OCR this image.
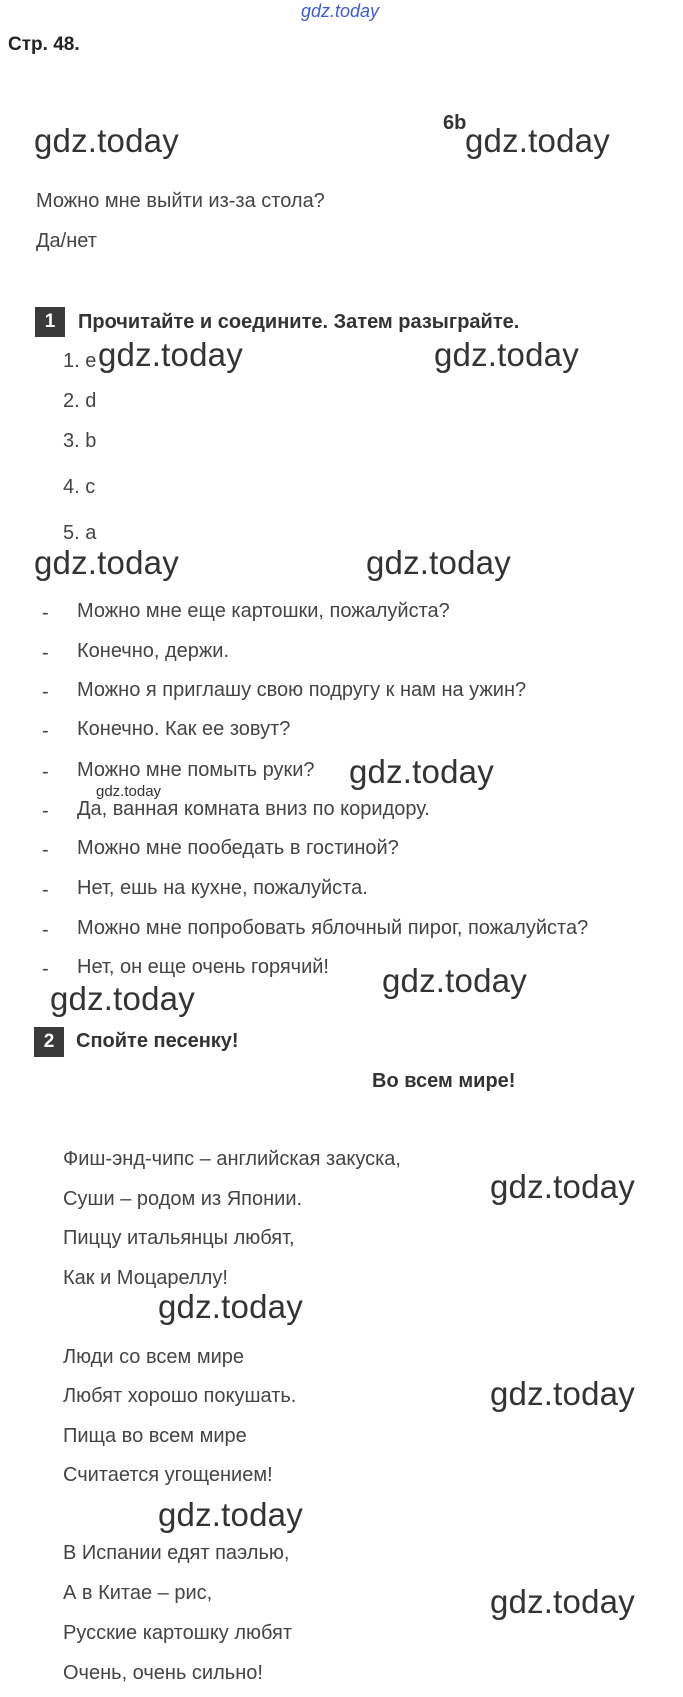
gdz.today
Стр. 48.
6b
gdz.today	gdz.today
Можно мне выйти из-за стола?
Да/нет
1	Прочитайте и соедините. Затем разыграйте.
1. e gdz.today	gdz.today
2. d
3. b
4. c
5. a
gdz.today	gdz.today
- Можно мне еще картошки, пожалуйста?
- Конечно, держи.
- Можно я приглашу свою подругу к нам на ужин?
- Конечно. Как ее зовут?
- Можно мне помыть руки? gdz.today
gdz.today
- Да, ванная комната вниз по коридору.
- Можно мне пообедать в гостиной?
- Нет, ешь на кухне, пожалуйста.
- Можно мне попробовать яблочный пирог, пожалуйста?
- Нет, он еще очень горячий! gdz.today
gdz.today
2	Спойте песенку!
Во всем мире!
Фиш-энд-чипс – английская закуска,
Суши – родом из Японии.	gdz.today
Пиццу итальянцы любят,
Как и Моцареллу!
gdz.today
Люди со всем мире
Любят хорошо покушать.	gdz.today
Пища во всем мире
Считается угощением!
gdz.today
В Испании едят паэлью,
А в Китае – рис,	gdz.today
Русские картошку любят
Очень, очень сильно!
